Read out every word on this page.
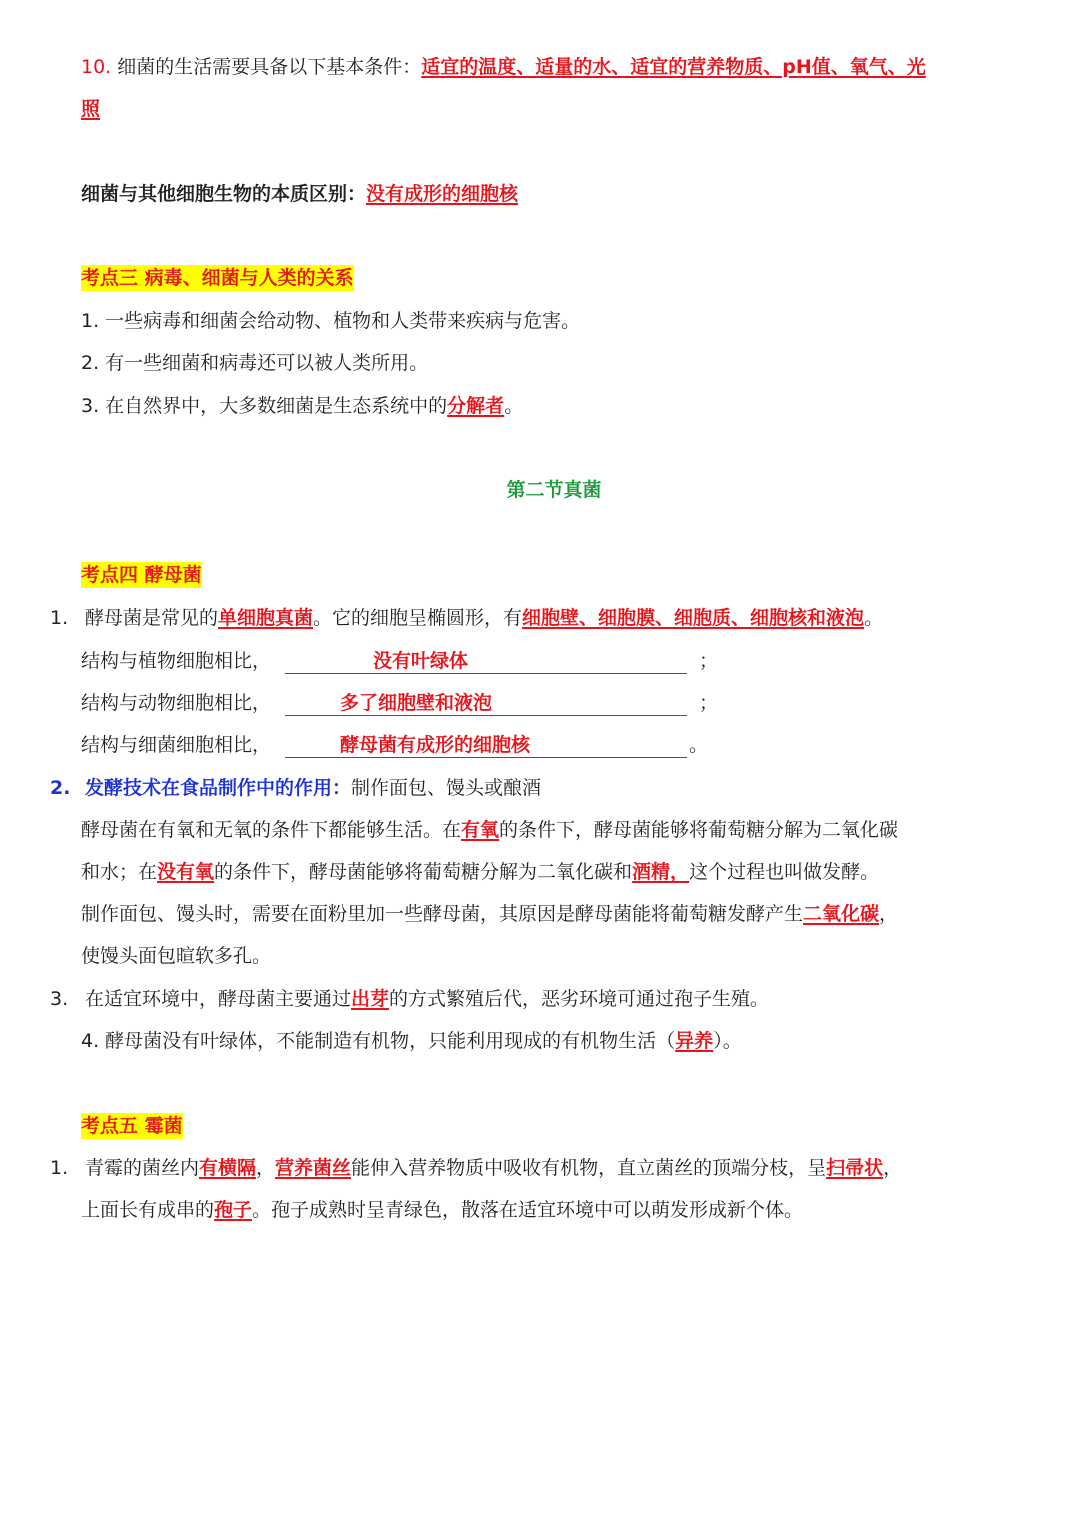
10. 细菌的生活需要具备以下基本条件：适宜的温度、适量的水、适宜的营养物质、pH值、氧气、光
照
细菌与其他细胞生物的本质区别：没有成形的细胞核
考点三 病毒、细菌与人类的关系
1. 一些病毒和细菌会给动物、植物和人类带来疾病与危害。
2. 有一些细菌和病毒还可以被人类所用。
3. 在自然界中，大多数细菌是生态系统中的分解者。
第二节真菌
考点四 酵母菌
1. 酵母菌是常见的单细胞真菌。它的细胞呈椭圆形，有细胞壁、细胞膜、细胞质、细胞核和液泡。
结构与植物细胞相比，	没有叶绿体	；
结构与动物细胞相比，	多了细胞壁和液泡	；
结构与细菌细胞相比，	酵母菌有成形的细胞核	。
2. 发酵技术在食品制作中的作用：制作面包、馒头或酿酒
酵母菌在有氧和无氧的条件下都能够生活。在有氧的条件下，酵母菌能够将葡萄糖分解为二氧化碳
和水；在没有氧的条件下，酵母菌能够将葡萄糖分解为二氧化碳和酒精，这个过程也叫做发酵。
制作面包、馒头时，需要在面粉里加一些酵母菌，其原因是酵母菌能将葡萄糖发酵产生二氧化碳，
使馒头面包暄软多孔。
3. 在适宜环境中，酵母菌主要通过出芽的方式繁殖后代，恶劣环境可通过孢子生殖。
4. 酵母菌没有叶绿体，不能制造有机物，只能利用现成的有机物生活（异养）。
考点五 霉菌
1. 青霉的菌丝内有横隔，营养菌丝能伸入营养物质中吸收有机物，直立菌丝的顶端分枝，呈扫帚状，
上面长有成串的孢子。孢子成熟时呈青绿色，散落在适宜环境中可以萌发形成新个体。
